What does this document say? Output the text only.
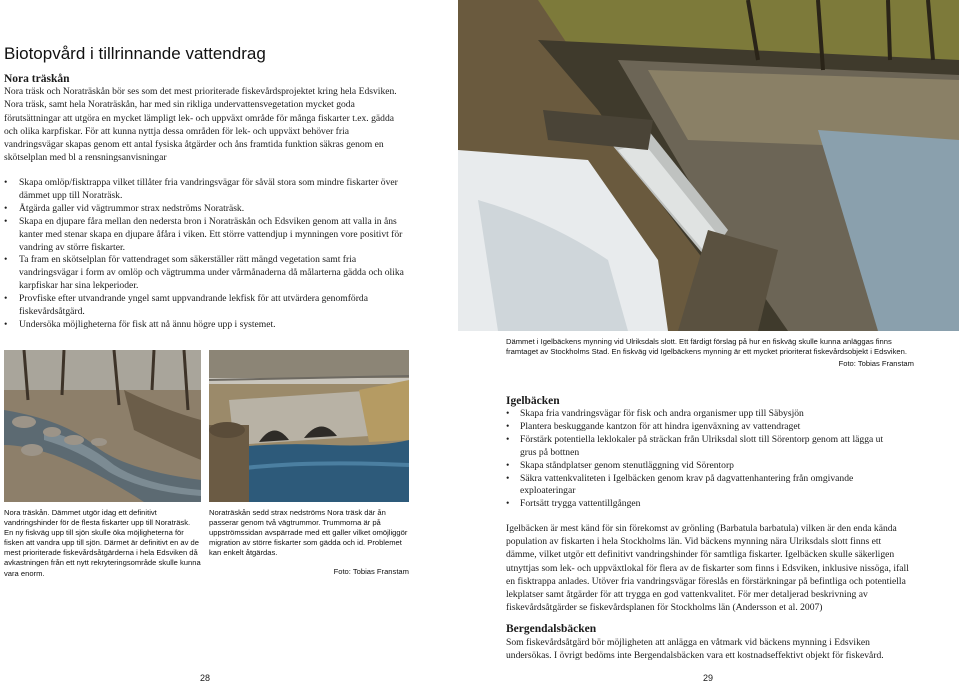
Biotopvård i tillrinnande vattendrag
Nora träskån
Nora träsk och Noraträskån bör ses som det mest prioriterade fiskevårdsprojektet kring hela Edsviken. Nora träsk, samt hela Noraträskån, har med sin rikliga undervattensvegetation mycket goda förutsättningar att utgöra en mycket lämpligt lek- och uppväxt område för många fiskarter t.ex. gädda och olika karpfiskar. För att kunna nyttja dessa områden för lek- och uppväxt behöver fria vandringsvägar skapas genom ett antal fysiska åtgärder och åns framtida funktion säkras genom en skötselplan med bl a rensningsanvisningar
• Skapa omlöp/fisktrappa vilket tillåter fria vandringsvägar för såväl stora som mindre fiskarter över dämmet upp till Noraträsk.
• Åtgärda galler vid vägtrummor strax nedströms Noraträsk.
• Skapa en djupare fåra mellan den nedersta bron i Noraträskån och Edsviken genom att valla in åns kanter med stenar skapa en djupare åfåra i viken. Ett större vattendjup i mynningen vore positivt för vandring av större fiskarter.
• Ta fram en skötselplan för vattendraget som säkerställer rätt mängd vegetation samt fria vandringsvägar i form av omlöp och vägtrumma under vårmånaderna då målarterna gädda och olika karpfiskar har sina lekperioder.
• Provfiske efter utvandrande yngel samt uppvandrande lekfisk för att utvärdera genomförda fiskevårdsåtgärd.
• Undersöka möjligheterna för fisk att nå ännu högre upp i systemet.
Nora träskån. Dämmet utgör idag ett definitivt vandringshinder för de flesta fiskarter upp till Noraträsk. En ny fiskväg upp till sjön skulle öka möjligheterna för fisken att vandra upp till sjön. Därmet är definitivt en av de mest prioriterade fiskevårdsåtgärderna i hela Edsviken då avkastningen från ett nytt rekryteringsområde skulle kunna vara enorm.
Noraträskån sedd strax nedströms Nora träsk där ån passerar genom två vägtrummor. Trummorna är på uppströmssidan avspärrade med ett galler vilket omöjliggör migration av större fiskarter som gädda och id. Problemet kan enkelt åtgärdas.
Foto: Tobias Franstam
28
Dämmet i Igelbäckens mynning vid Ulriksdals slott. Ett färdigt förslag på hur en fiskväg skulle kunna anläggas finns framtaget av Stockholms Stad. En fiskväg vid Igelbäckens mynning är ett mycket prioriterat fiskevårdsobjekt i Edsviken.
Foto: Tobias Franstam
Igelbäcken
• Skapa fria vandringsvägar för fisk och andra organismer upp till Säbysjön
• Plantera beskuggande kantzon för att hindra igenväxning av vattendraget
• Förstärk potentiella leklokaler på sträckan från Ulriksdal slott till Sörentorp genom att lägga ut grus på bottnen
• Skapa ståndplatser genom stenutläggning vid Sörentorp
• Säkra vattenkvaliteten i Igelbäcken genom krav på dagvattenhantering från omgivande exploateringar
• Fortsätt trygga vattentillgången
Igelbäcken är mest känd för sin förekomst av grönling (Barbatula barbatula) vilken är den enda kända population av fiskarten i hela Stockholms län. Vid bäckens mynning nära Ulriksdals slott finns ett dämme, vilket utgör ett definitivt vandringshinder för samtliga fiskarter. Igelbäcken skulle säkerligen utnyttjas som lek- och uppväxtlokal för flera av de fiskarter som finns i Edsviken, inklusive nissöga, ifall en fisktrappa anlades. Utöver fria vandringsvägar föreslås en förstärkningar på befintliga och potentiella lekplatser samt åtgärder för att trygga en god vattenkvalitet. För mer detaljerad beskrivning av fiskevårdsåtgärder se fiskevårdsplanen för Stockholms län (Andersson et al. 2007)
Bergendalsbäcken
Som fiskevårdsåtgärd bör möjligheten att anlägga en våtmark vid bäckens mynning i Edsviken undersökas. I övrigt bedöms inte Bergendalsbäcken vara ett kostnadseffektivt objekt för fiskevård.
29
